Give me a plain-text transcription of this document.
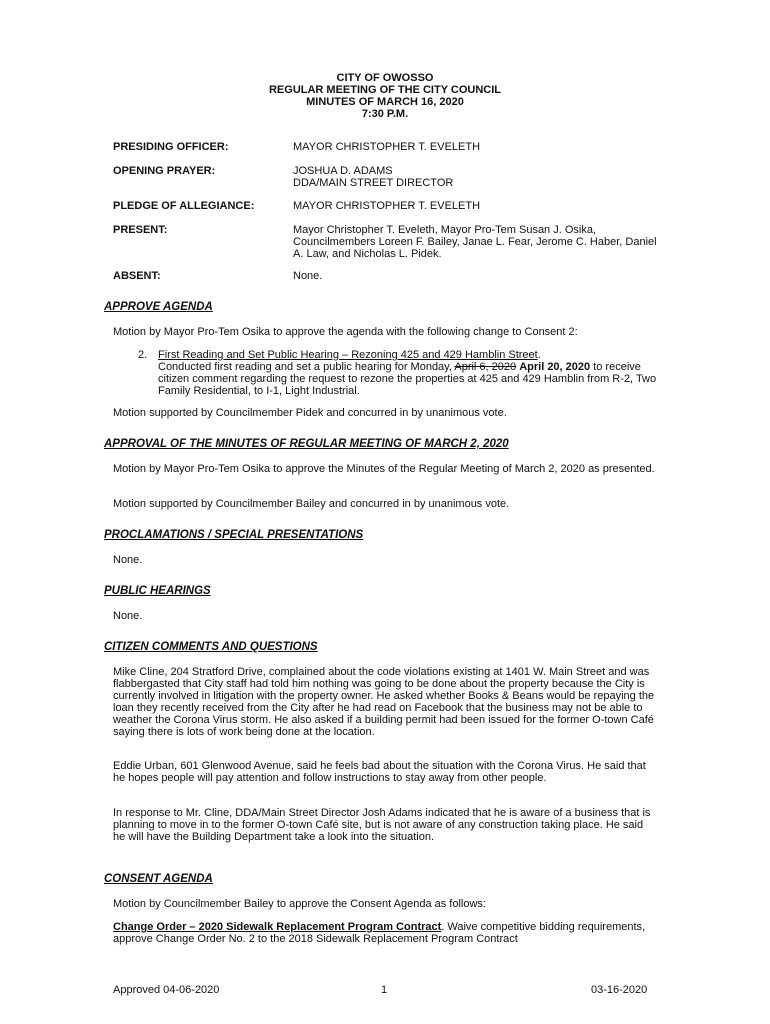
CITY OF OWOSSO
REGULAR MEETING OF THE CITY COUNCIL
MINUTES OF MARCH 16, 2020
7:30 P.M.
PRESIDING OFFICER:	MAYOR CHRISTOPHER T. EVELETH
OPENING PRAYER:	JOSHUA D. ADAMS
DDA/MAIN STREET DIRECTOR
PLEDGE OF ALLEGIANCE:	MAYOR CHRISTOPHER T. EVELETH
PRESENT:	Mayor Christopher T. Eveleth, Mayor Pro-Tem Susan J. Osika, Councilmembers Loreen F. Bailey, Janae L. Fear, Jerome C. Haber, Daniel A. Law, and Nicholas L. Pidek.
ABSENT:	None.
APPROVE AGENDA
Motion by Mayor Pro-Tem Osika to approve the agenda with the following change to Consent 2:
2. First Reading and Set Public Hearing – Rezoning 425 and 429 Hamblin Street.
Conducted first reading and set a public hearing for Monday, April 6, 2020 April 20, 2020 to receive citizen comment regarding the request to rezone the properties at 425 and 429 Hamblin from R-2, Two Family Residential, to I-1, Light Industrial.
Motion supported by Councilmember Pidek and concurred in by unanimous vote.
APPROVAL OF THE MINUTES OF REGULAR MEETING OF MARCH 2, 2020
Motion by Mayor Pro-Tem Osika to approve the Minutes of the Regular Meeting of March 2, 2020 as presented.
Motion supported by Councilmember Bailey and concurred in by unanimous vote.
PROCLAMATIONS / SPECIAL PRESENTATIONS
None.
PUBLIC HEARINGS
None.
CITIZEN COMMENTS AND QUESTIONS
Mike Cline, 204 Stratford Drive, complained about the code violations existing at 1401 W. Main Street and was flabbergasted that City staff had told him nothing was going to be done about the property because the City is currently involved in litigation with the property owner. He asked whether Books & Beans would be repaying the loan they recently received from the City after he had read on Facebook that the business may not be able to weather the Corona Virus storm. He also asked if a building permit had been issued for the former O-town Café saying there is lots of work being done at the location.
Eddie Urban, 601 Glenwood Avenue, said he feels bad about the situation with the Corona Virus. He said that he hopes people will pay attention and follow instructions to stay away from other people.
In response to Mr. Cline, DDA/Main Street Director Josh Adams indicated that he is aware of a business that is planning to move in to the former O-town Café site, but is not aware of any construction taking place. He said he will have the Building Department take a look into the situation.
CONSENT AGENDA
Motion by Councilmember Bailey to approve the Consent Agenda as follows:
Change Order – 2020 Sidewalk Replacement Program Contract. Waive competitive bidding requirements, approve Change Order No. 2 to the 2018 Sidewalk Replacement Program Contract
Approved 04-06-2020	1	03-16-2020
